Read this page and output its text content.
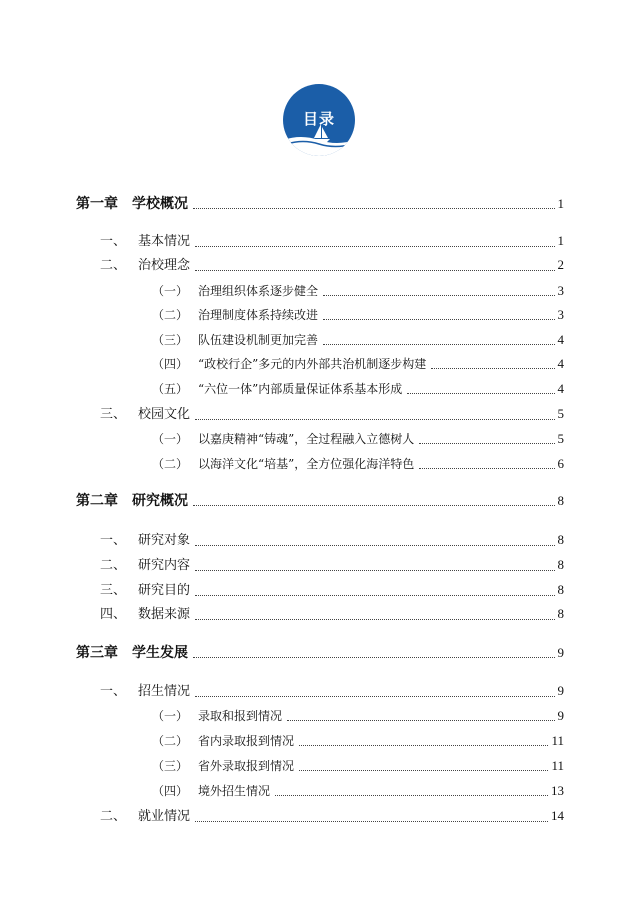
目录
第一章	学校概况	1
一、 基本情况	1
二、 治校理念	2
（一） 治理组织体系逐步健全	3
（二） 治理制度体系持续改进	3
（三） 队伍建设机制更加完善	4
（四） “政校行企”多元的内外部共治机制逐步构建	4
（五） “六位一体”内部质量保证体系基本形成	4
三、 校园文化	5
（一） 以嘉庚精神“铸魂”，全过程融入立德树人	5
（二） 以海洋文化“培基”，全方位强化海洋特色	6
第二章	研究概况	8
一、 研究对象	8
二、 研究内容	8
三、 研究目的	8
四、 数据来源	8
第三章	学生发展	9
一、 招生情况	9
（一） 录取和报到情况	9
（二） 省内录取报到情况	11
（三） 省外录取报到情况	11
（四） 境外招生情况	13
二、 就业情况	14
